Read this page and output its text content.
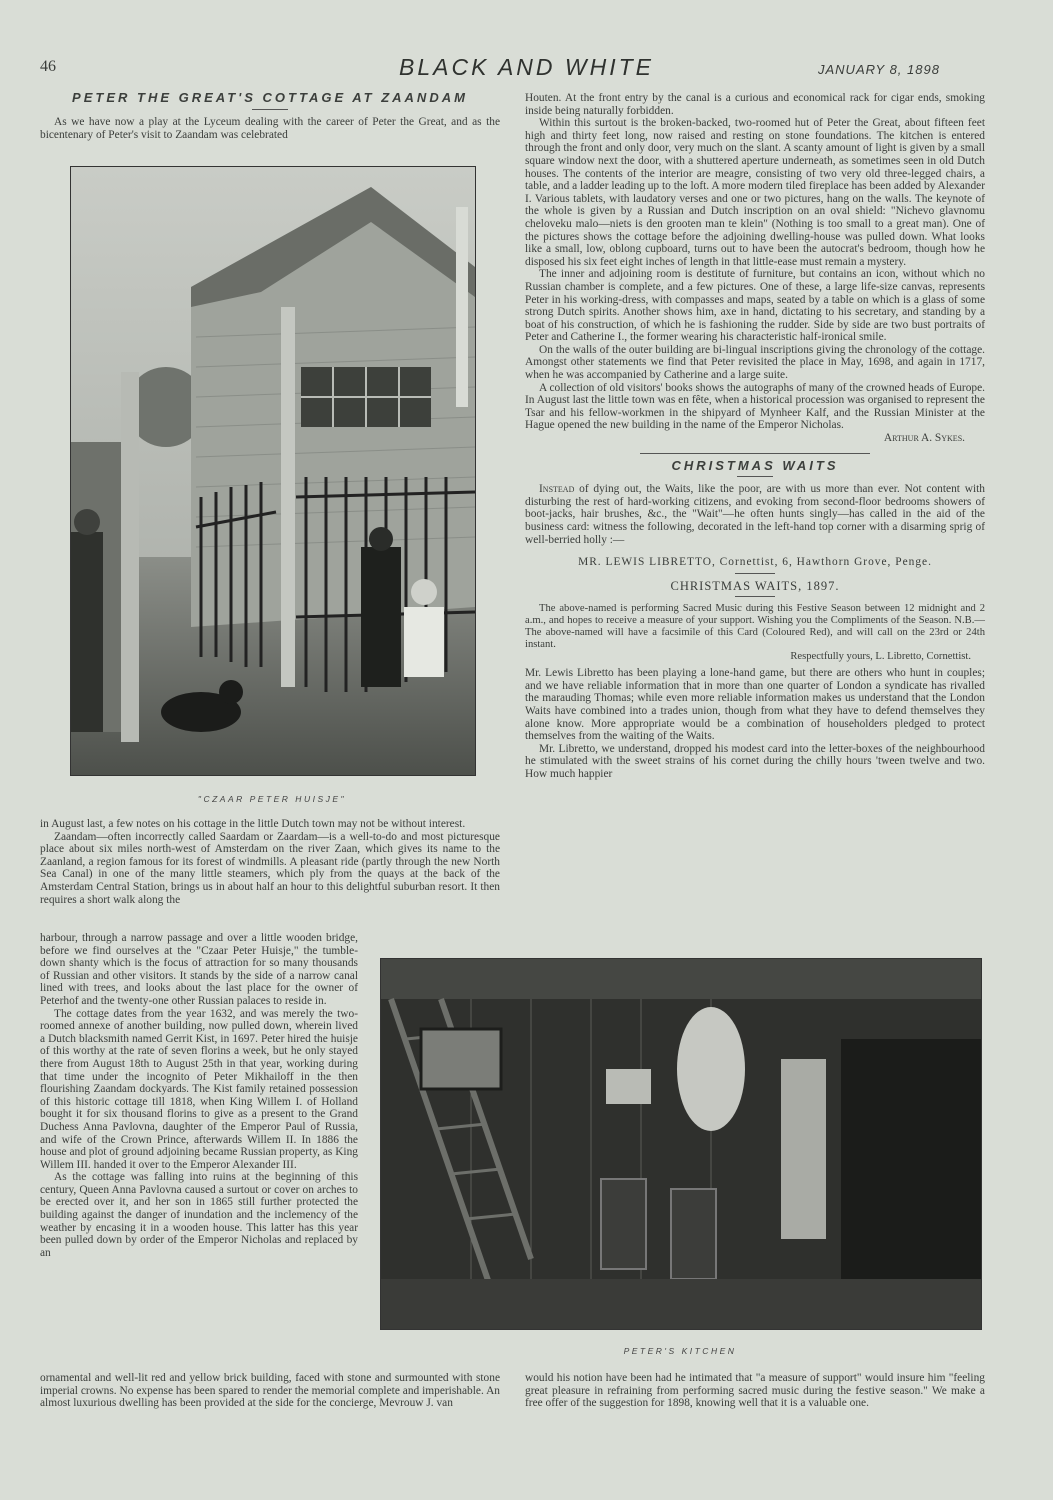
46	BLACK AND WHITE	JANUARY 8, 1898
PETER THE GREAT'S COTTAGE AT ZAANDAM

As we have now a play at the Lyceum dealing with the career of Peter the Great, and as the bicentenary of Peter's visit to Zaandam was celebrated

"CZAAR PETER HUISJE"

in August last, a few notes on his cottage in the little Dutch town may not be without interest.

Zaandam—often incorrectly called Saardam or Zaardam—is a well-to-do and most picturesque place about six miles north-west of Amsterdam on the river Zaan, which gives its name to the Zaanland, a region famous for its forest of windmills. A pleasant ride (partly through the new North Sea Canal) in one of the many little steamers, which ply from the quays at the back of the Amsterdam Central Station, brings us in about half an hour to this delightful suburban resort. It then requires a short walk along the

harbour, through a narrow passage and over a little wooden bridge, before we find ourselves at the "Czaar Peter Huisje," the tumble-down shanty which is the focus of attraction for so many thousands of Russian and other visitors. It stands by the side of a narrow canal lined with trees, and looks about the last place for the owner of Peterhof and the twenty-one other Russian palaces to reside in.

The cottage dates from the year 1632, and was merely the two-roomed annexe of another building, now pulled down, wherein lived a Dutch blacksmith named Gerrit Kist, in 1697. Peter hired the huisje of this worthy at the rate of seven florins a week, but he only stayed there from August 18th to August 25th in that year, working during that time under the incognito of Peter Mikhailoff in the then flourishing Zaandam dockyards. The Kist family retained possession of this historic cottage till 1818, when King Willem I. of Holland bought it for six thousand florins to give as a present to the Grand Duchess Anna Pavlovna, daughter of the Emperor Paul of Russia, and wife of the Crown Prince, afterwards Willem II. In 1886 the house and plot of ground adjoining became Russian property, as King Willem III. handed it over to the Emperor Alexander III.

As the cottage was falling into ruins at the beginning of this century, Queen Anna Pavlovna caused a surtout or cover on arches to be erected over it, and her son in 1865 still further protected the building against the danger of inundation and the inclemency of the weather by encasing it in a wooden house. This latter has this year been pulled down by order of the Emperor Nicholas and replaced by an

ornamental and well-lit red and yellow brick building, faced with stone and surmounted with stone imperial crowns. No expense has been spared to render the memorial complete and imperishable. An almost luxurious dwelling has been provided at the side for the concierge, Mevrouw J. van

Houten. At the front entry by the canal is a curious and economical rack for cigar ends, smoking inside being naturally forbidden.

Within this surtout is the broken-backed, two-roomed hut of Peter the Great, about fifteen feet high and thirty feet long, now raised and resting on stone foundations. The kitchen is entered through the front and only door, very much on the slant. A scanty amount of light is given by a small square window next the door, with a shuttered aperture underneath, as sometimes seen in old Dutch houses. The contents of the interior are meagre, consisting of two very old three-legged chairs, a table, and a ladder leading up to the loft. A more modern tiled fireplace has been added by Alexander I. Various tablets, with laudatory verses and one or two pictures, hang on the walls. The keynote of the whole is given by a Russian and Dutch inscription on an oval shield: "Nichevo glavnomu cheloveku malo—niets is den grooten man te klein" (Nothing is too small to a great man). One of the pictures shows the cottage before the adjoining dwelling-house was pulled down. What looks like a small, low, oblong cupboard, turns out to have been the autocrat's bedroom, though how he disposed his six feet eight inches of length in that little-ease must remain a mystery.

The inner and adjoining room is destitute of furniture, but contains an icon, without which no Russian chamber is complete, and a few pictures. One of these, a large life-size canvas, represents Peter in his working-dress, with compasses and maps, seated by a table on which is a glass of some strong Dutch spirits. Another shows him, axe in hand, dictating to his secretary, and standing by a boat of his construction, of which he is fashioning the rudder. Side by side are two bust portraits of Peter and Catherine I., the former wearing his characteristic half-ironical smile.

On the walls of the outer building are bi-lingual inscriptions giving the chronology of the cottage. Amongst other statements we find that Peter revisited the place in May, 1698, and again in 1717, when he was accompanied by Catherine and a large suite.

A collection of old visitors' books shows the autographs of many of the crowned heads of Europe. In August last the little town was en fête, when a historical procession was organised to represent the Tsar and his fellow-workmen in the shipyard of Mynheer Kalf, and the Russian Minister at the Hague opened the new building in the name of the Emperor Nicholas.

Arthur A. Sykes.
CHRISTMAS WAITS

Instead of dying out, the Waits, like the poor, are with us more than ever. Not content with disturbing the rest of hard-working citizens, and evoking from second-floor bedrooms showers of boot-jacks, hair brushes, &c., the "Wait"—he often hunts singly—has called in the aid of the business card: witness the following, decorated in the left-hand top corner with a disarming sprig of well-berried holly :—

MR. LEWIS LIBRETTO, Cornettist, 6, Hawthorn Grove, Penge.
CHRISTMAS WAITS, 1897.

The above-named is performing Sacred Music during this Festive Season between 12 midnight and 2 a.m., and hopes to receive a measure of your support. Wishing you the Compliments of the Season. N.B.—The above-named will have a facsimile of this Card (Coloured Red), and will call on the 23rd or 24th instant.

Respectfully yours, L. Libretto, Cornettist.

Mr. Lewis Libretto has been playing a lone-hand game, but there are others who hunt in couples; and we have reliable information that in more than one quarter of London a syndicate has rivalled the marauding Thomas; while even more reliable information makes us understand that the London Waits have combined into a trades union, though from what they have to defend themselves they alone know. More appropriate would be a combination of householders pledged to protect themselves from the waiting of the Waits.

Mr. Libretto, we understand, dropped his modest card into the letter-boxes of the neighbourhood he stimulated with the sweet strains of his cornet during the chilly hours 'tween twelve and two. How much happier

PETER'S KITCHEN

would his notion have been had he intimated that "a measure of support" would insure him "feeling great pleasure in refraining from performing sacred music during the festive season." We make a free offer of the suggestion for 1898, knowing well that it is a valuable one.
